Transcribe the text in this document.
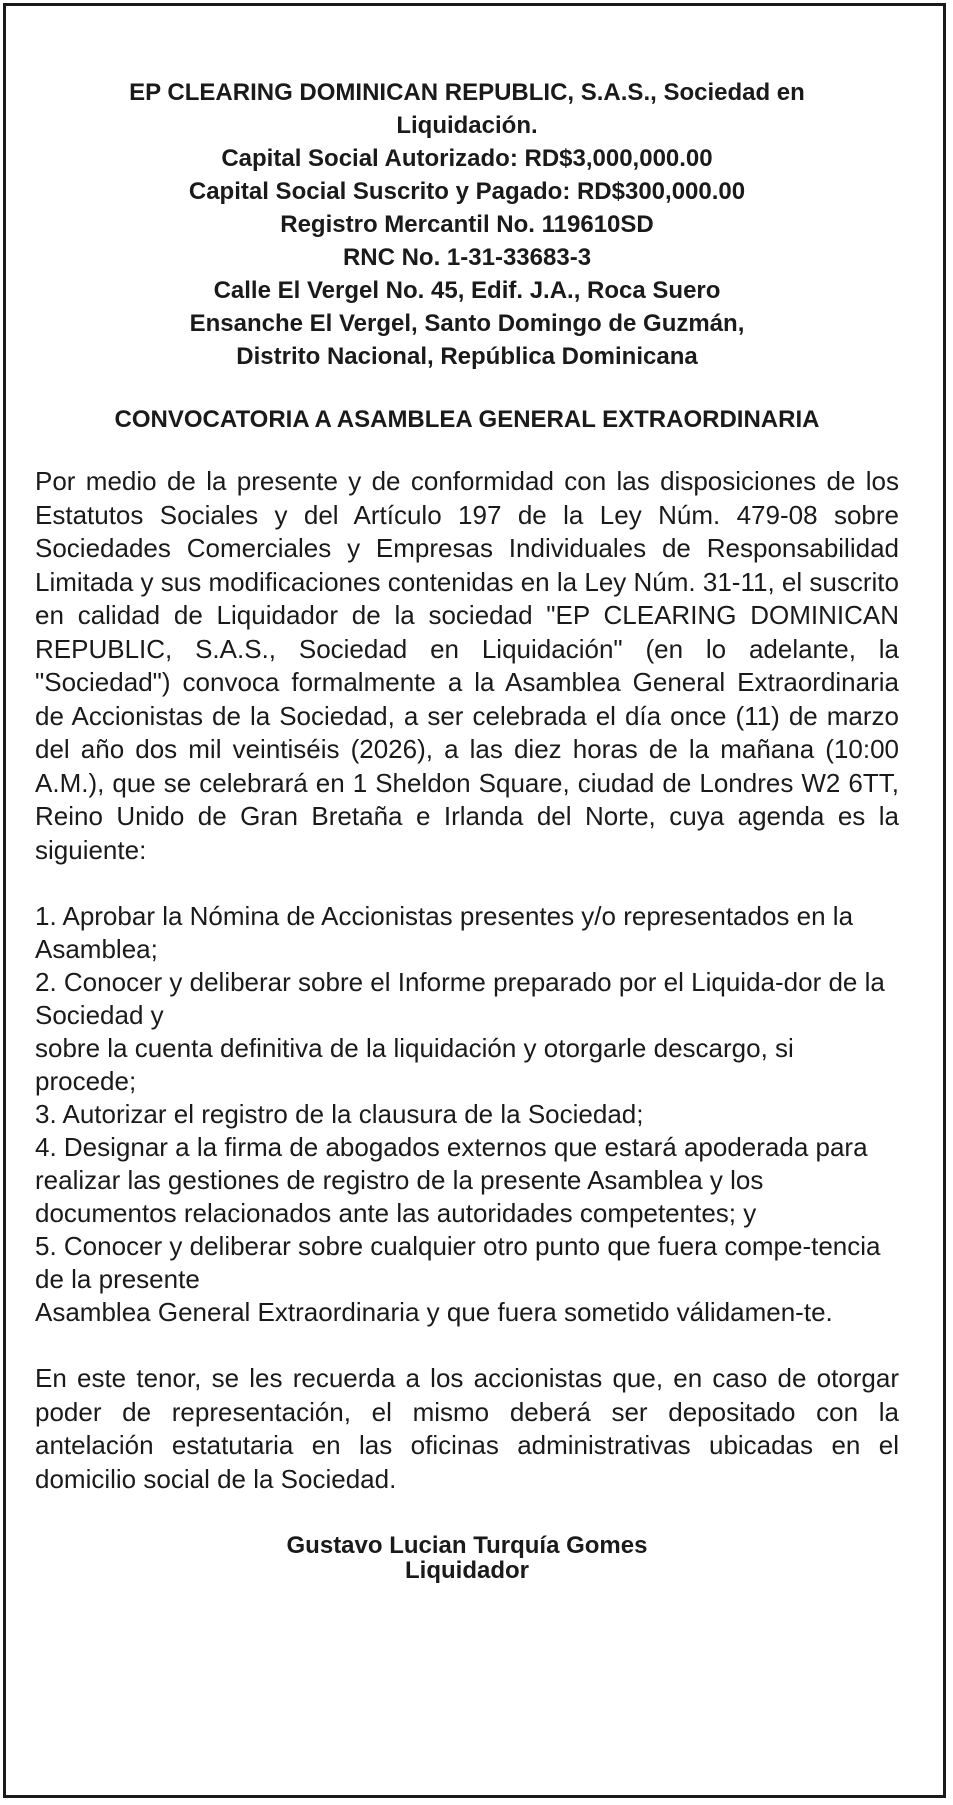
EP CLEARING DOMINICAN REPUBLIC, S.A.S., Sociedad en
Liquidación.
Capital Social Autorizado: RD$3,000,000.00
Capital Social Suscrito y Pagado: RD$300,000.00
Registro Mercantil No. 119610SD
RNC No. 1-31-33683-3
Calle El Vergel No. 45, Edif. J.A., Roca Suero
Ensanche El Vergel, Santo Domingo de Guzmán,
Distrito Nacional, República Dominicana
CONVOCATORIA A ASAMBLEA GENERAL EXTRAORDINARIA
Por medio de la presente y de conformidad con las disposiciones de los Estatutos Sociales y del Artículo 197 de la Ley Núm. 479-08 sobre Sociedades Comerciales y Empresas Individuales de Responsabilidad Limitada y sus modificaciones contenidas en la Ley Núm. 31-11, el suscrito en calidad de Liquidador de la sociedad "EP CLEARING DOMINICAN REPUBLIC, S.A.S., Sociedad en Liquidación" (en lo adelante, la "Sociedad") convoca formalmente a la Asamblea General Extraordinaria de Accionistas de la Sociedad, a ser celebrada el día once (11) de marzo del año dos mil veintiséis (2026), a las diez horas de la mañana (10:00 A.M.), que se celebrará en 1 Sheldon Square, ciudad de Londres W2 6TT, Reino Unido de Gran Bretaña e Irlanda del Norte, cuya agenda es la siguiente:
1. Aprobar la Nómina de Accionistas presentes y/o representados en la Asamblea;
2. Conocer y deliberar sobre el Informe preparado por el Liquida-dor de la Sociedad y
sobre la cuenta definitiva de la liquidación y otorgarle descargo, si procede;
3. Autorizar el registro de la clausura de la Sociedad;
4. Designar a la firma de abogados externos que estará apoderada para realizar las gestiones de registro de la presente Asamblea y los documentos relacionados ante las autoridades competentes; y
5. Conocer y deliberar sobre cualquier otro punto que fuera compe-tencia de la presente
Asamblea General Extraordinaria y que fuera sometido válidamen-te.
En este tenor, se les recuerda a los accionistas que, en caso de otorgar poder de representación, el mismo deberá ser depositado con la antelación estatutaria en las oficinas administrativas ubicadas en el domicilio social de la Sociedad.
Gustavo Lucian Turquía Gomes
Liquidador
